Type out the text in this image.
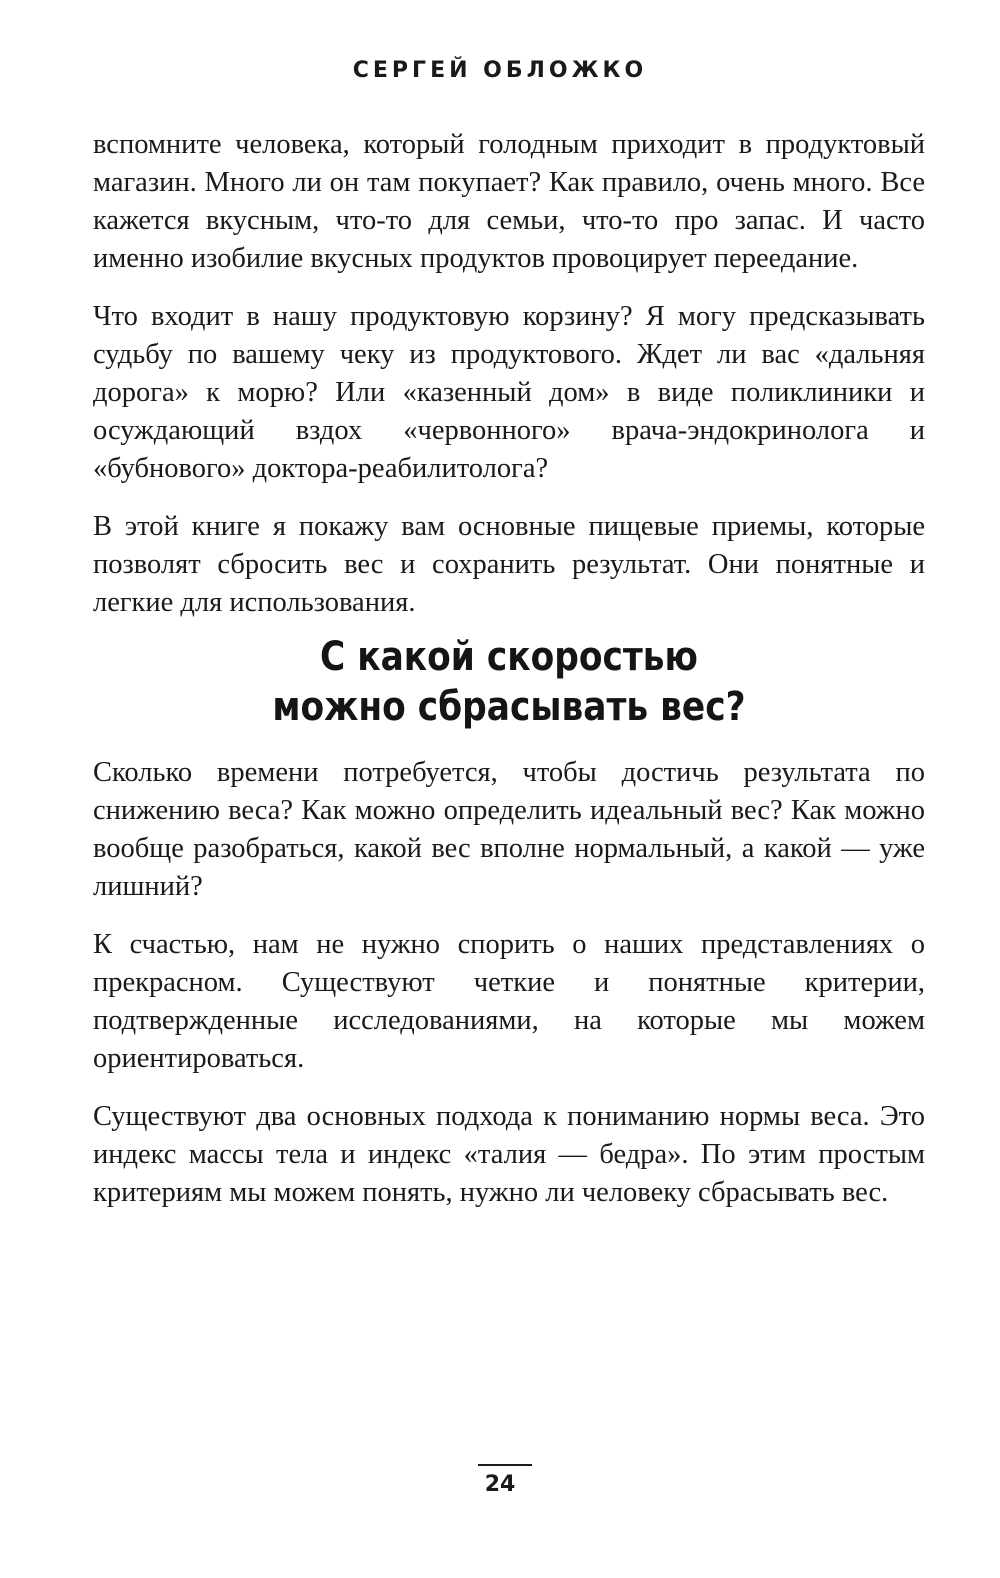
СЕРГЕЙ ОБЛОЖКО

вспомните человека, который голодным приходит в продуктовый магазин. Много ли он там покупает? Как правило, очень много. Все кажется вкусным, что-то для семьи, что-то про запас. И часто именно изобилие вкусных продуктов провоцирует переедание.

Что входит в нашу продуктовую корзину? Я могу предсказывать судьбу по вашему чеку из продуктового. Ждет ли вас «дальняя дорога» к морю? Или «казенный дом» в виде поликлиники и осуждающий вздох «червонного» врача-эндокринолога и «бубнового» доктора-реабилитолога?

В этой книге я покажу вам основные пищевые приемы, которые позволят сбросить вес и сохранить результат. Они понятные и легкие для использования.

С какой скоростью
можно сбрасывать вес?

Сколько времени потребуется, чтобы достичь результата по снижению веса? Как можно определить идеальный вес? Как можно вообще разобраться, какой вес вполне нормальный, а какой — уже лишний?

К счастью, нам не нужно спорить о наших представлениях о прекрасном. Существуют четкие и понятные критерии, подтвержденные исследованиями, на которые мы можем ориентироваться.

Существуют два основных подхода к пониманию нормы веса. Это индекс массы тела и индекс «талия — бедра». По этим простым критериям мы можем понять, нужно ли человеку сбрасывать вес.

24
